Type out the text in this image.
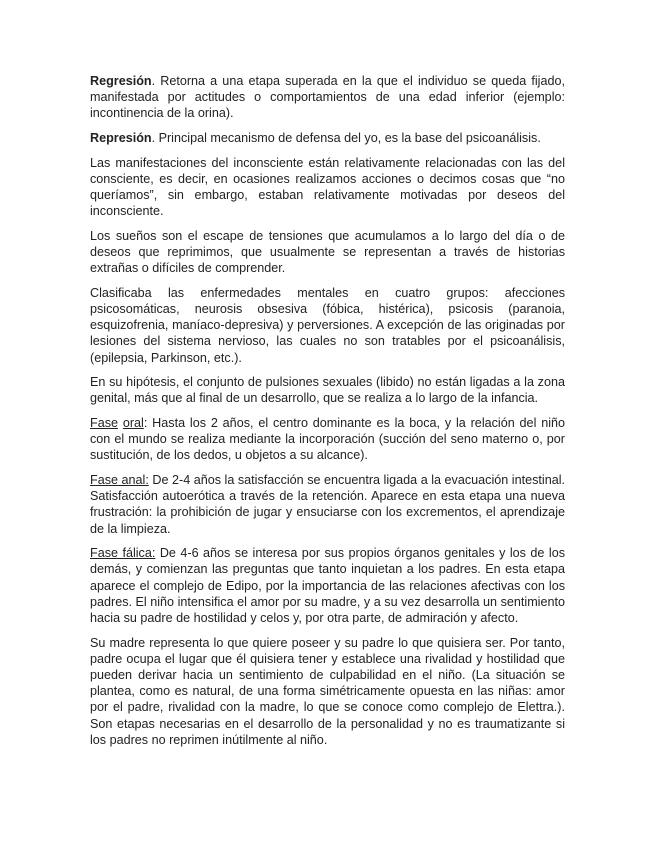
Regresión. Retorna a una etapa superada en la que el individuo se queda fijado, manifestada por actitudes o comportamientos de una edad inferior (ejemplo: incontinencia de la orina).

Represión. Principal mecanismo de defensa del yo, es la base del psicoanálisis.

Las manifestaciones del inconsciente están relativamente relacionadas con las del consciente, es decir, en ocasiones realizamos acciones o decimos cosas que “no queríamos”, sin embargo, estaban relativamente motivadas por deseos del inconsciente.

Los sueños son el escape de tensiones que acumulamos a lo largo del día o de deseos que reprimimos, que usualmente se representan a través de historias extrañas o difíciles de comprender.

Clasificaba las enfermedades mentales en cuatro grupos: afecciones psicosomáticas, neurosis obsesiva (fóbica, histérica), psicosis (paranoia, esquizofrenia, maníaco-depresiva) y perversiones. A excepción de las originadas por lesiones del sistema nervioso, las cuales no son tratables por el psicoanálisis, (epilepsia, Parkinson, etc.).

En su hipótesis, el conjunto de pulsiones sexuales (libido) no están ligadas a la zona genital, más que al final de un desarrollo, que se realiza a lo largo de la infancia.

Fase oral: Hasta los 2 años, el centro dominante es la boca, y la relación del niño con el mundo se realiza mediante la incorporación (succión del seno materno o, por sustitución, de los dedos, u objetos a su alcance).

Fase anal: De 2-4 años la satisfacción se encuentra ligada a la evacuación intestinal. Satisfacción autoerótica a través de la retención. Aparece en esta etapa una nueva frustración: la prohibición de jugar y ensuciarse con los excrementos, el aprendizaje de la limpieza.

Fase fálica: De 4-6 años se interesa por sus propios órganos genitales y los de los demás, y comienzan las preguntas que tanto inquietan a los padres. En esta etapa aparece el complejo de Edipo, por la importancia de las relaciones afectivas con los padres. El niño intensifica el amor por su madre, y a su vez desarrolla un sentimiento hacia su padre de hostilidad y celos y, por otra parte, de admiración y afecto.

Su madre representa lo que quiere poseer y su padre lo que quisiera ser. Por tanto, padre ocupa el lugar que él quisiera tener y establece una rivalidad y hostilidad que pueden derivar hacia un sentimiento de culpabilidad en el niño. (La situación se plantea, como es natural, de una forma simétricamente opuesta en las niñas: amor por el padre, rivalidad con la madre, lo que se conoce como complejo de Elettra.). Son etapas necesarias en el desarrollo de la personalidad y no es traumatizante si los padres no reprimen inútilmente al niño.
